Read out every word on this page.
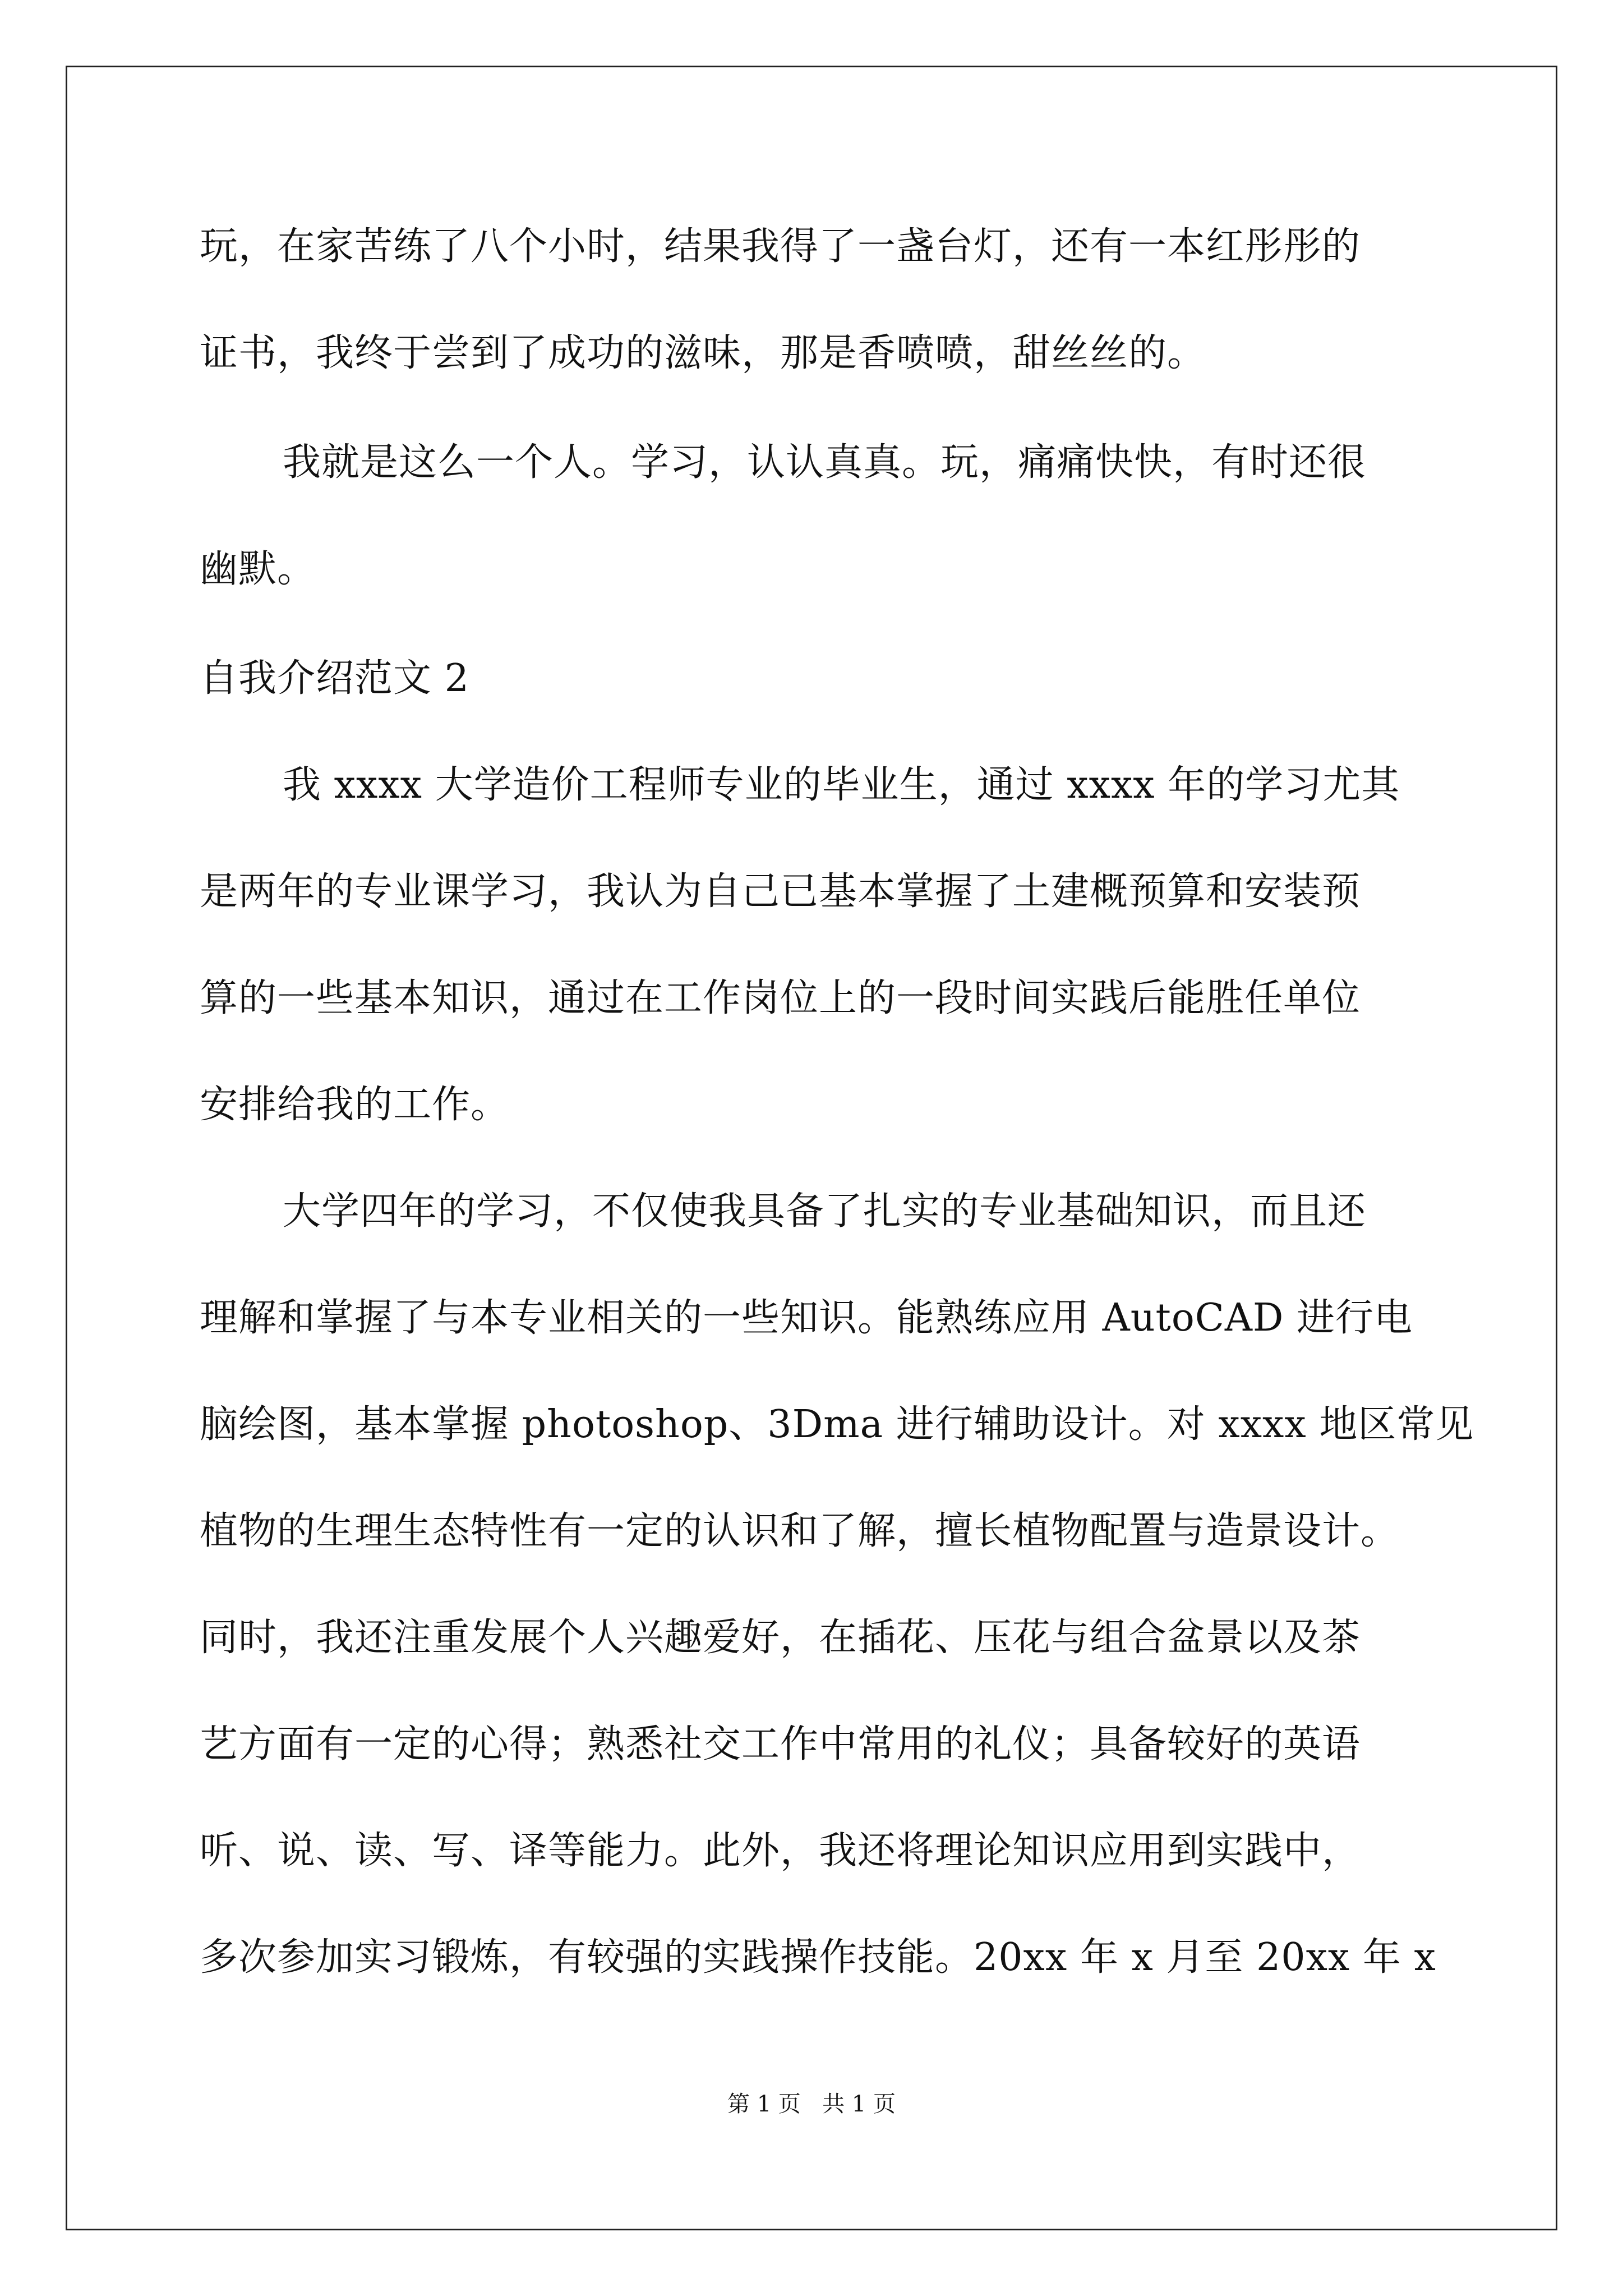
玩，在家苦练了八个小时，结果我得了一盏台灯，还有一本红彤彤的
证书，我终于尝到了成功的滋味，那是香喷喷，甜丝丝的。
我就是这么一个人。学习，认认真真。玩，痛痛快快，有时还很
幽默。
自我介绍范文 2
我 xxxx 大学造价工程师专业的毕业生，通过 xxxx 年的学习尤其
是两年的专业课学习，我认为自己已基本掌握了土建概预算和安装预
算的一些基本知识，通过在工作岗位上的一段时间实践后能胜任单位
安排给我的工作。
大学四年的学习，不仅使我具备了扎实的专业基础知识，而且还
理解和掌握了与本专业相关的一些知识。能熟练应用 AutoCAD 进行电
脑绘图，基本掌握 photoshop、3Dma 进行辅助设计。对 xxxx 地区常见
植物的生理生态特性有一定的认识和了解，擅长植物配置与造景设计。
同时，我还注重发展个人兴趣爱好，在插花、压花与组合盆景以及茶
艺方面有一定的心得；熟悉社交工作中常用的礼仪；具备较好的英语
听、说、读、写、译等能力。此外，我还将理论知识应用到实践中，
多次参加实习锻炼，有较强的实践操作技能。20xx 年 x 月至 20xx 年 x
第 1 页   共 1 页
